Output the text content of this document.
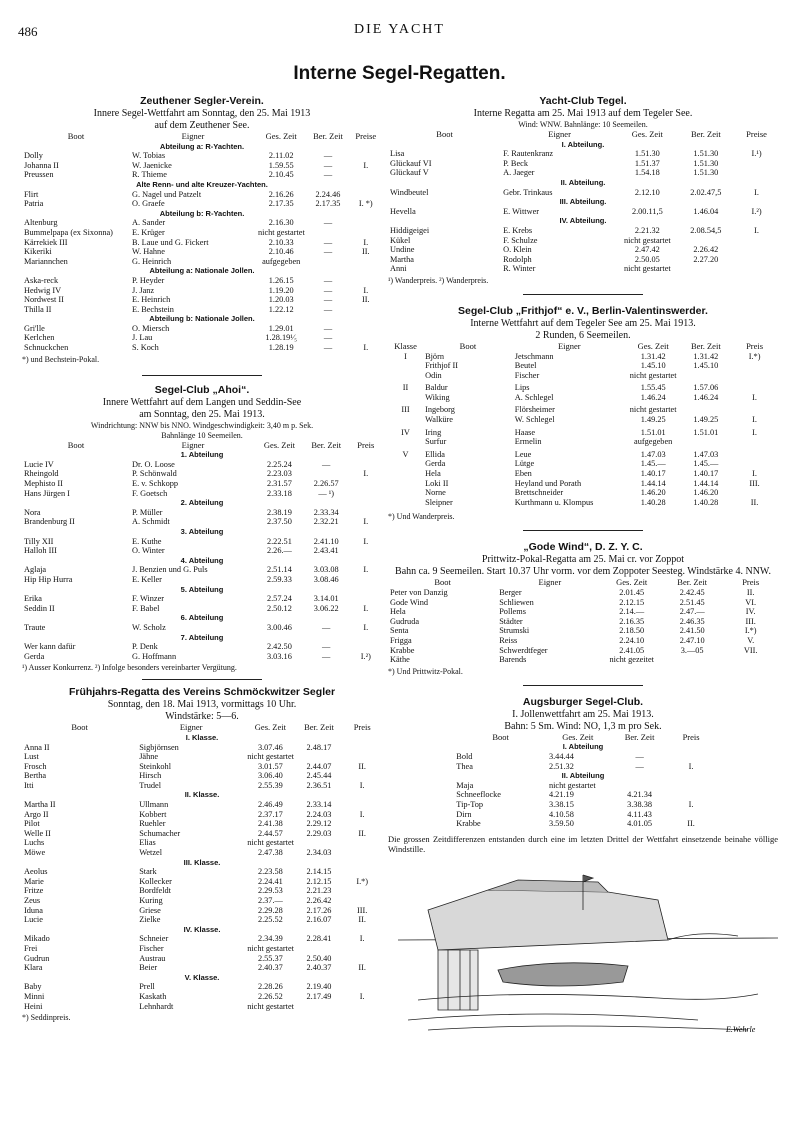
486	DIE YACHT
Interne Segel-Regatten.
Zeuthener Segler-Verein.
Innere Segel-Wettfahrt am Sonntag, den 25. Mai 1913
auf dem Zeuthener See.
Boot	Eigner	Ges. Zeit	Ber. Zeit	Preise
Abteilung a: R-Yachten.				
Dolly	W. Tobias	2.11.02	—	
Johanna II	W. Jaenicke	1.59.55	—	I.
Preussen	R. Thieme	2.10.45	—	
Alte Renn- und alte Kreuzer-Yachten.				
Flirt	G. Nagel und Patzelt	2.16.26	2.24.46	
Patria	O. Graefe	2.17.35	2.17.35	I. *)
Abteilung b: R-Yachten.				
Altenburg	A. Sander	2.16.30	—	
Bummelpapa (ex Sixonna)	E. Krüger	nicht gestartet		
Kärrekiek III	B. Laue und G. Fickert	2.10.33	—	I.
Kikeriki	W. Hahne	2.10.46	—	II.
Mariannchen	G. Heinrich	aufgegeben		
Abteilung a: Nationale Jollen.				
Aska-reck	P. Heyder	1.26.15	—	
Hedwig IV	J. Janz	1.19.20	—	I.
Nordwest II	E. Heinrich	1.20.03	—	II.
Thilla II	E. Bechstein	1.22.12	—	
Abteilung b: Nationale Jollen.				
Gri'lle	O. Miersch	1.29.01	—	
Kerlchen	J. Lau	1.28.19¹⁄₅	—	
Schnuckchen	S. Koch	1.28.19	—	I.
*) und Bechstein-Pokal.
Segel-Club „Ahoi“.
Innere Wettfahrt auf dem Langen und Seddin-See
am Sonntag, den 25. Mai 1913.
Windrichtung: NNW bis NNO. Windgeschwindigkeit: 3,40 m p. Sek.
Bahnlänge 10 Seemeilen.
Boot	Eigner	Ges. Zeit	Ber. Zeit	Preis
1. Abteilung				
Lucie IV	Dr. O. Loose	2.25.24	—	
Rheingold	P. Schönwald	2.23.03		I.
Mephisto II	E. v. Schkopp	2.31.57	2.26.57	
Hans Jürgen I	F. Goetsch	2.33.18	— ¹)	
2. Abteilung				
Nora	P. Müller	2.38.19	2.33.34	
Brandenburg II	A. Schmidt	2.37.50	2.32.21	I.
3. Abteilung				
Tilly XII	E. Kuthe	2.22.51	2.41.10	I.
Halloh III	O. Winter	2.26.—	2.43.41	
4. Abteilung				
Aglaja	J. Benzien und G. Puls	2.51.14	3.03.08	I.
Hip Hip Hurra	E. Keller	2.59.33	3.08.46	
5. Abteilung				
Erika	F. Winzer	2.57.24	3.14.01	
Seddin II	F. Babel	2.50.12	3.06.22	I.
6. Abteilung				
Traute	W. Scholz	3.00.46	—	I.
7. Abteilung				
Wer kann dafür	P. Denk	2.42.50	—	
Gerda	G. Hoffmann	3.03.16	—	I.²)
¹) Ausser Konkurrenz. ²) Infolge besonders vereinbarter Vergütung.
Frühjahrs-Regatta des Vereins Schmöckwitzer Segler
Sonntag, den 18. Mai 1913, vormittags 10 Uhr.
Windstärke: 5—6.
Boot	Eigner	Ges. Zeit	Ber. Zeit	Preis
I. Klasse.				
Anna II	Sigbjörnsen	3.07.46	2.48.17	
Lust	Jähne	nicht gestartet		
Frosch	Steinkohl	3.01.57	2.44.07	II.
Bertha	Hirsch	3.06.40	2.45.44	
Itti	Trudel	2.55.39	2.36.51	I.
II. Klasse.				
Martha II	Ullmann	2.46.49	2.33.14	
Argo II	Kobbert	2.37.17	2.24.03	I.
Pilot	Ruehler	2.41.38	2.29.12	
Welle II	Schumacher	2.44.57	2.29.03	II.
Luchs	Elias	nicht gestartet		
Möwe	Wetzel	2.47.38	2.34.03	
III. Klasse.				
Aeolus	Stark	2.23.58	2.14.15	
Marie	Kollecker	2.24.41	2.12.15	I.*)
Fritze	Bordfeldt	2.29.53	2.21.23	
Zeus	Kuring	2.37.—	2.26.42	
Iduna	Griese	2.29.28	2.17.26	III.
Lucie	Zielke	2.25.52	2.16.07	II.
IV. Klasse.				
Mikado	Schneier	2.34.39	2.28.41	I.
Frei	Fischer	nicht gestartet		
Gudrun	Austrau	2.55.37	2.50.40	
Klara	Beier	2.40.37	2.40.37	II.
V. Klasse.				
Baby	Prell	2.28.26	2.19.40	
Minni	Kaskath	2.26.52	2.17.49	I.
Heini	Lehnhardt	nicht gestartet		
*) Seddinpreis.
Yacht-Club Tegel.
Interne Regatta am 25. Mai 1913 auf dem Tegeler See.
Wind: WNW. Bahnlänge: 10 Seemeilen.
Boot	Eigner	Ges. Zeit	Ber. Zeit	Preise
I. Abteilung.				
Lisa	F. Rautenkranz	1.51.30	1.51.30	I.¹)
Glückauf VI	P. Beck	1.51.37	1.51.30	
Glückauf V	A. Jaeger	1.54.18	1.51.30	
II. Abteilung.				
Windbeutel	Gebr. Trinkaus	2.12.10	2.02.47,5	I.
III. Abteilung.				
Hevella	E. Wittwer	2.00.11,5	1.46.04	I.²)
IV. Abteilung.				
Hiddigeigei	E. Krebs	2.21.32	2.08.54,5	I.
Kükel	F. Schulze	nicht gestartet		
Undine	O. Klein	2.47.42	2.26.42	
Martha	Rodolph	2.50.05	2.27.20	
Anni	R. Winter	nicht gestartet		
¹) Wanderpreis. ²) Wanderpreis.
Segel-Club „Frithjof“ e. V., Berlin-Valentinswerder.
Interne Wettfahrt auf dem Tegeler See am 25. Mai 1913.
2 Runden, 6 Seemeilen.
Klasse	Boot	Eigner	Ges. Zeit	Ber. Zeit	Preis
I	Björn	Jetschmann	1.31.42	1.31.42	I.*)
	Frithjof II	Beutel	1.45.10	1.45.10	
	Odin	Fischer	nicht gestartet		

II	Baldur	Lips	1.55.45	1.57.06	
	Wiking	A. Schlegel	1.46.24	1.46.24	I.

III	Ingeborg	Flörsheimer	nicht gestartet		
	Walküre	W. Schlegel	1.49.25	1.49.25	I.

IV	Iring	Haase	1.51.01	1.51.01	I.
	Surfur	Ermelin	aufgegeben		

V	Ellida	Leue	1.47.03	1.47.03	
	Gerda	Lütge	1.45.—	1.45.—	
	Hela	Eben	1.40.17	1.40.17	I.
	Loki II	Heyland und Porath	1.44.14	1.44.14	III.
	Norne	Brettschneider	1.46.20	1.46.20	
	Sleipner	Kurthmann u. Klompus	1.40.28	1.40.28	II.

*) Und Wanderpreis.
„Gode Wind“, D. Z. Y. C.
Prittwitz-Pokal-Regatta am 25. Mai cr. vor Zoppot
Bahn ca. 9 Seemeilen. Start 10.37 Uhr vorm. vor dem Zoppoter Seesteg. Windstärke 4. NNW.
Boot	Eigner	Ges. Zeit	Ber. Zeit	Preis
Peter von Danzig	Berger	2.01.45	2.42.45	II.
Gode Wind	Schliewen	2.12.15	2.51.45	VI.
Hela	Pollems	2.14.—	2.47.—	IV.
Gudruda	Städter	2.16.35	2.46.35	III.
Senta	Strumski	2.18.50	2.41.50	I.*)
Frigga	Reiss	2.24.10	2.47.10	V.
Krabbe	Schwerdtfeger	2.41.05	3.—05	VII.
Käthe	Barends	nicht gezeitet		
*) Und Prittwitz-Pokal.
Augsburger Segel-Club.
I. Jollenwettfahrt am 25. Mai 1913.
Bahn: 5 Sm. Wind: NO, 1,3 m pro Sek.
Boot	Ges. Zeit	Ber. Zeit	Preis
I. Abteilung			
Bold	3.44.44	—	
Thea	2.51.32	—	I.
II. Abteilung			
Maja	nicht gestartet		
Schneeflocke	4.21.19	4.21.34	
Tip-Top	3.38.15	3.38.38	I.
Dirn	4.10.58	4.11.43	
Krabbe	3.59.50	4.01.05	II.
Die grossen Zeitdifferenzen entstanden durch eine im letzten Drittel der Wettfahrt einsetzende beinahe völlige Windstille.
E.Wehrle
